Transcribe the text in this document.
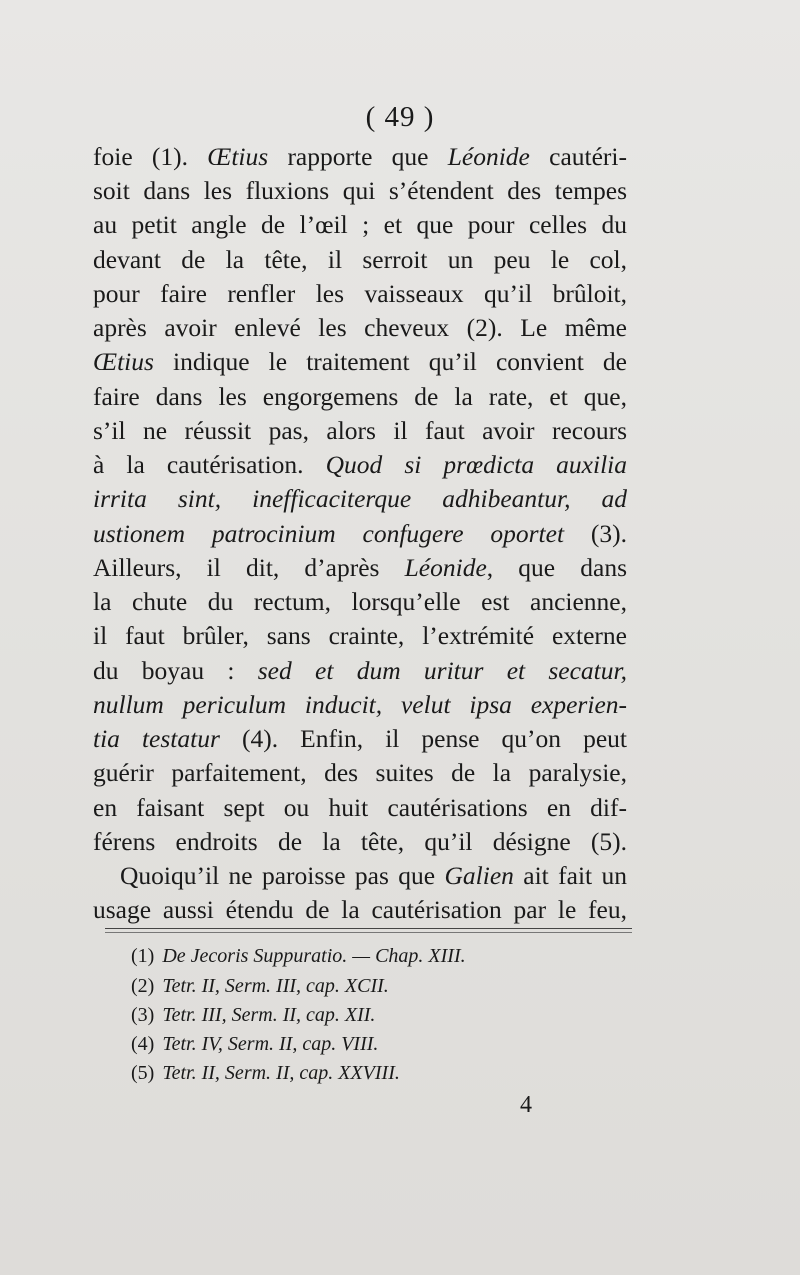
( 49 )
foie (1). Œtius rapporte que Léonide cautéri-
soit dans les fluxions qui s’étendent des tempes
au petit angle de l’œil ; et que pour celles du
devant de la tête, il serroit un peu le col,
pour faire renfler les vaisseaux qu’il brûloit,
après avoir enlevé les cheveux (2). Le même
Œtius indique le traitement qu’il convient de
faire dans les engorgemens de la rate, et que,
s’il ne réussit pas, alors il faut avoir recours
à la cautérisation. Quod si prœdicta auxilia
irrita sint, inefficaciterque adhibeantur, ad
ustionem patrocinium confugere oportet (3).
Ailleurs, il dit, d’après Léonide, que dans
la chute du rectum, lorsqu’elle est ancienne,
il faut brûler, sans crainte, l’extrémité externe
du boyau : sed et dum uritur et secatur,
nullum periculum inducit, velut ipsa experien-
tia testatur (4). Enfin, il pense qu’on peut
guérir parfaitement, des suites de la paralysie,
en faisant sept ou huit cautérisations en dif-
férens endroits de la tête, qu’il désigne (5).
Quoiqu’il ne paroisse pas que Galien ait fait un
usage aussi étendu de la cautérisation par le feu,
(1) De Jecoris Suppuratio. — Chap. XIII.
(2) Tetr. II, Serm. III, cap. XCII.
(3) Tetr. III, Serm. II, cap. XII.
(4) Tetr. IV, Serm. II, cap. VIII.
(5) Tetr. II, Serm. II, cap. XXVIII.
4
